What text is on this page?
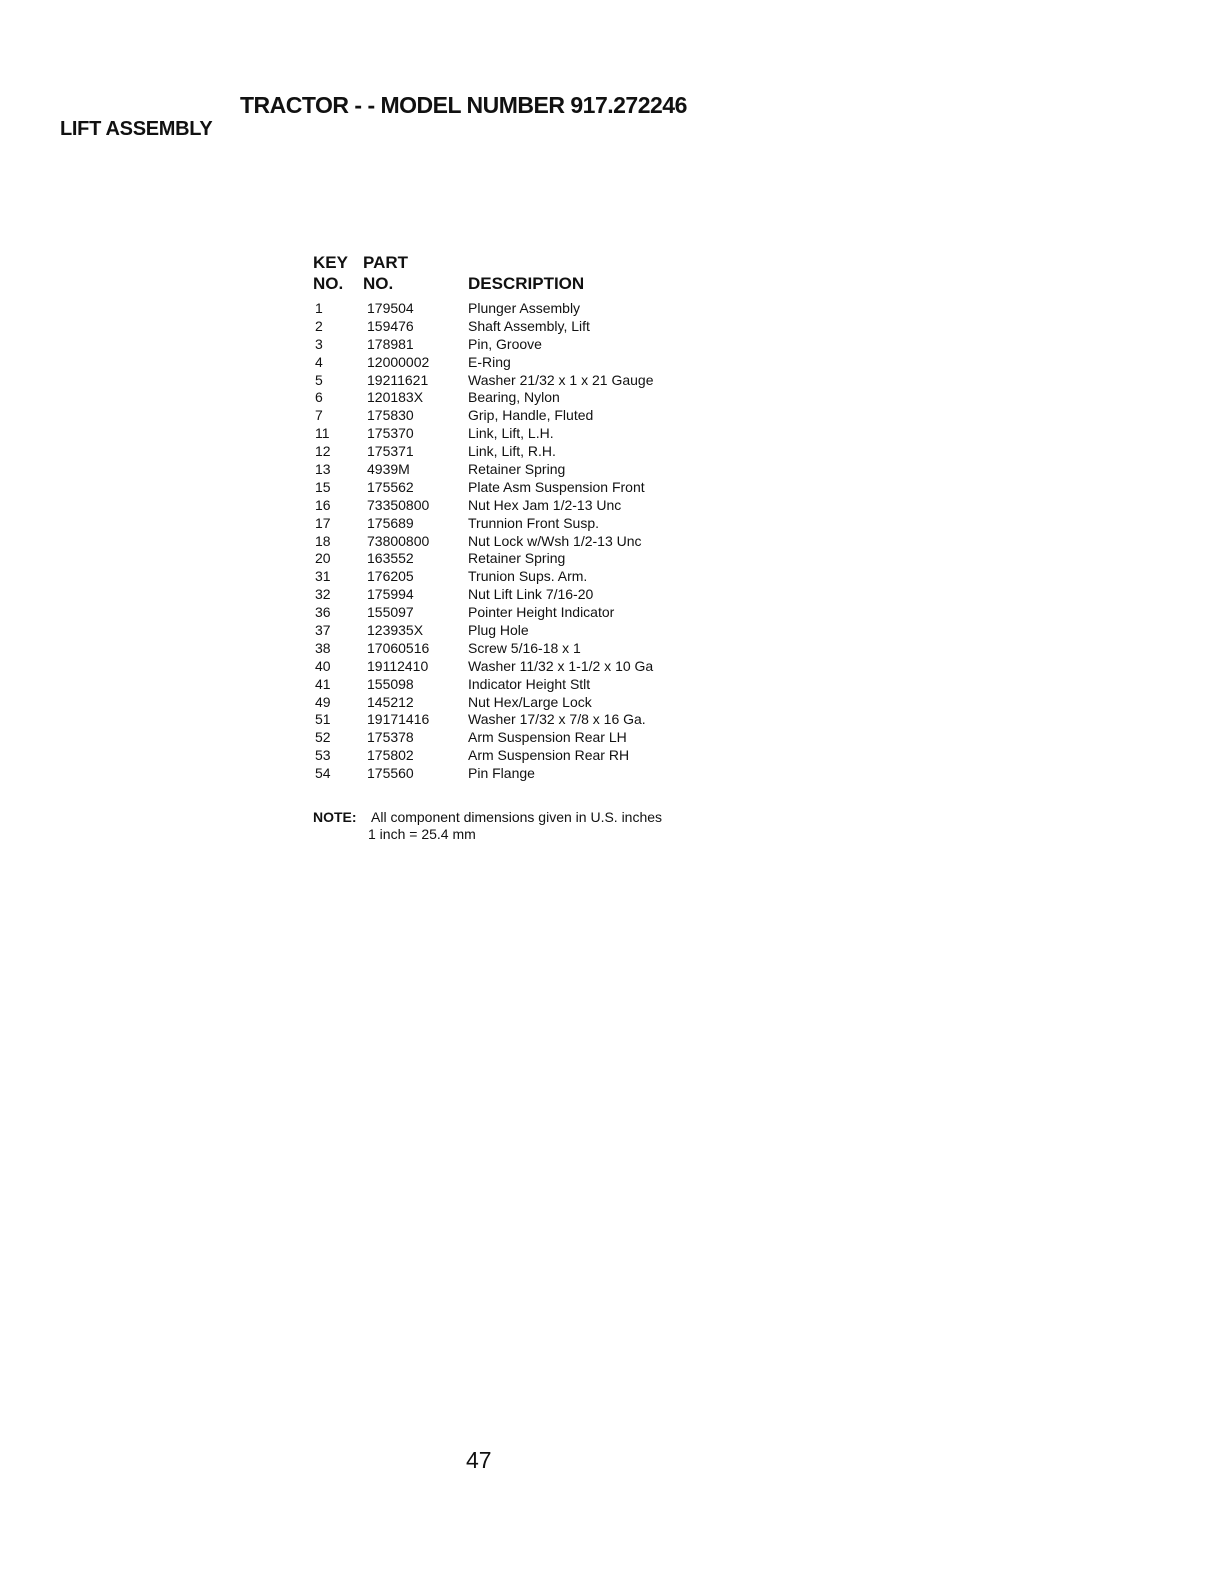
TRACTOR - - MODEL NUMBER 917.272246
LIFT ASSEMBLY
KEY PART
NO. NO.	DESCRIPTION
1	179504	Plunger Assembly
2	159476	Shaft Assembly, Lift
3	178981	Pin, Groove
4	12000002	E-Ring
5	19211621	Washer 21/32 x 1 x 21 Gauge
6	120183X	Bearing, Nylon
7	175830	Grip, Handle, Fluted
11	175370	Link, Lift, L.H.
12	175371	Link, Lift, R.H.
13	4939M	Retainer Spring
15	175562	Plate Asm Suspension Front
16	73350800	Nut Hex Jam 1/2-13 Unc
17	175689	Trunnion Front Susp.
18	73800800	Nut Lock w/Wsh 1/2-13 Unc
20	163552	Retainer Spring
31	176205	Trunion Sups. Arm.
32	175994	Nut Lift Link 7/16-20
36	155097	Pointer Height Indicator
37	123935X	Plug Hole
38	17060516	Screw 5/16-18 x 1
40	19112410	Washer 11/32 x 1-1/2 x 10 Ga
41	155098	Indicator Height Stlt
49	145212	Nut Hex/Large Lock
51	19171416	Washer 17/32 x 7/8 x 16 Ga.
52	175378	Arm Suspension Rear LH
53	175802	Arm Suspension Rear RH
54	175560	Pin Flange
NOTE: All component dimensions given in U.S. inches
1 inch = 25.4 mm
47
